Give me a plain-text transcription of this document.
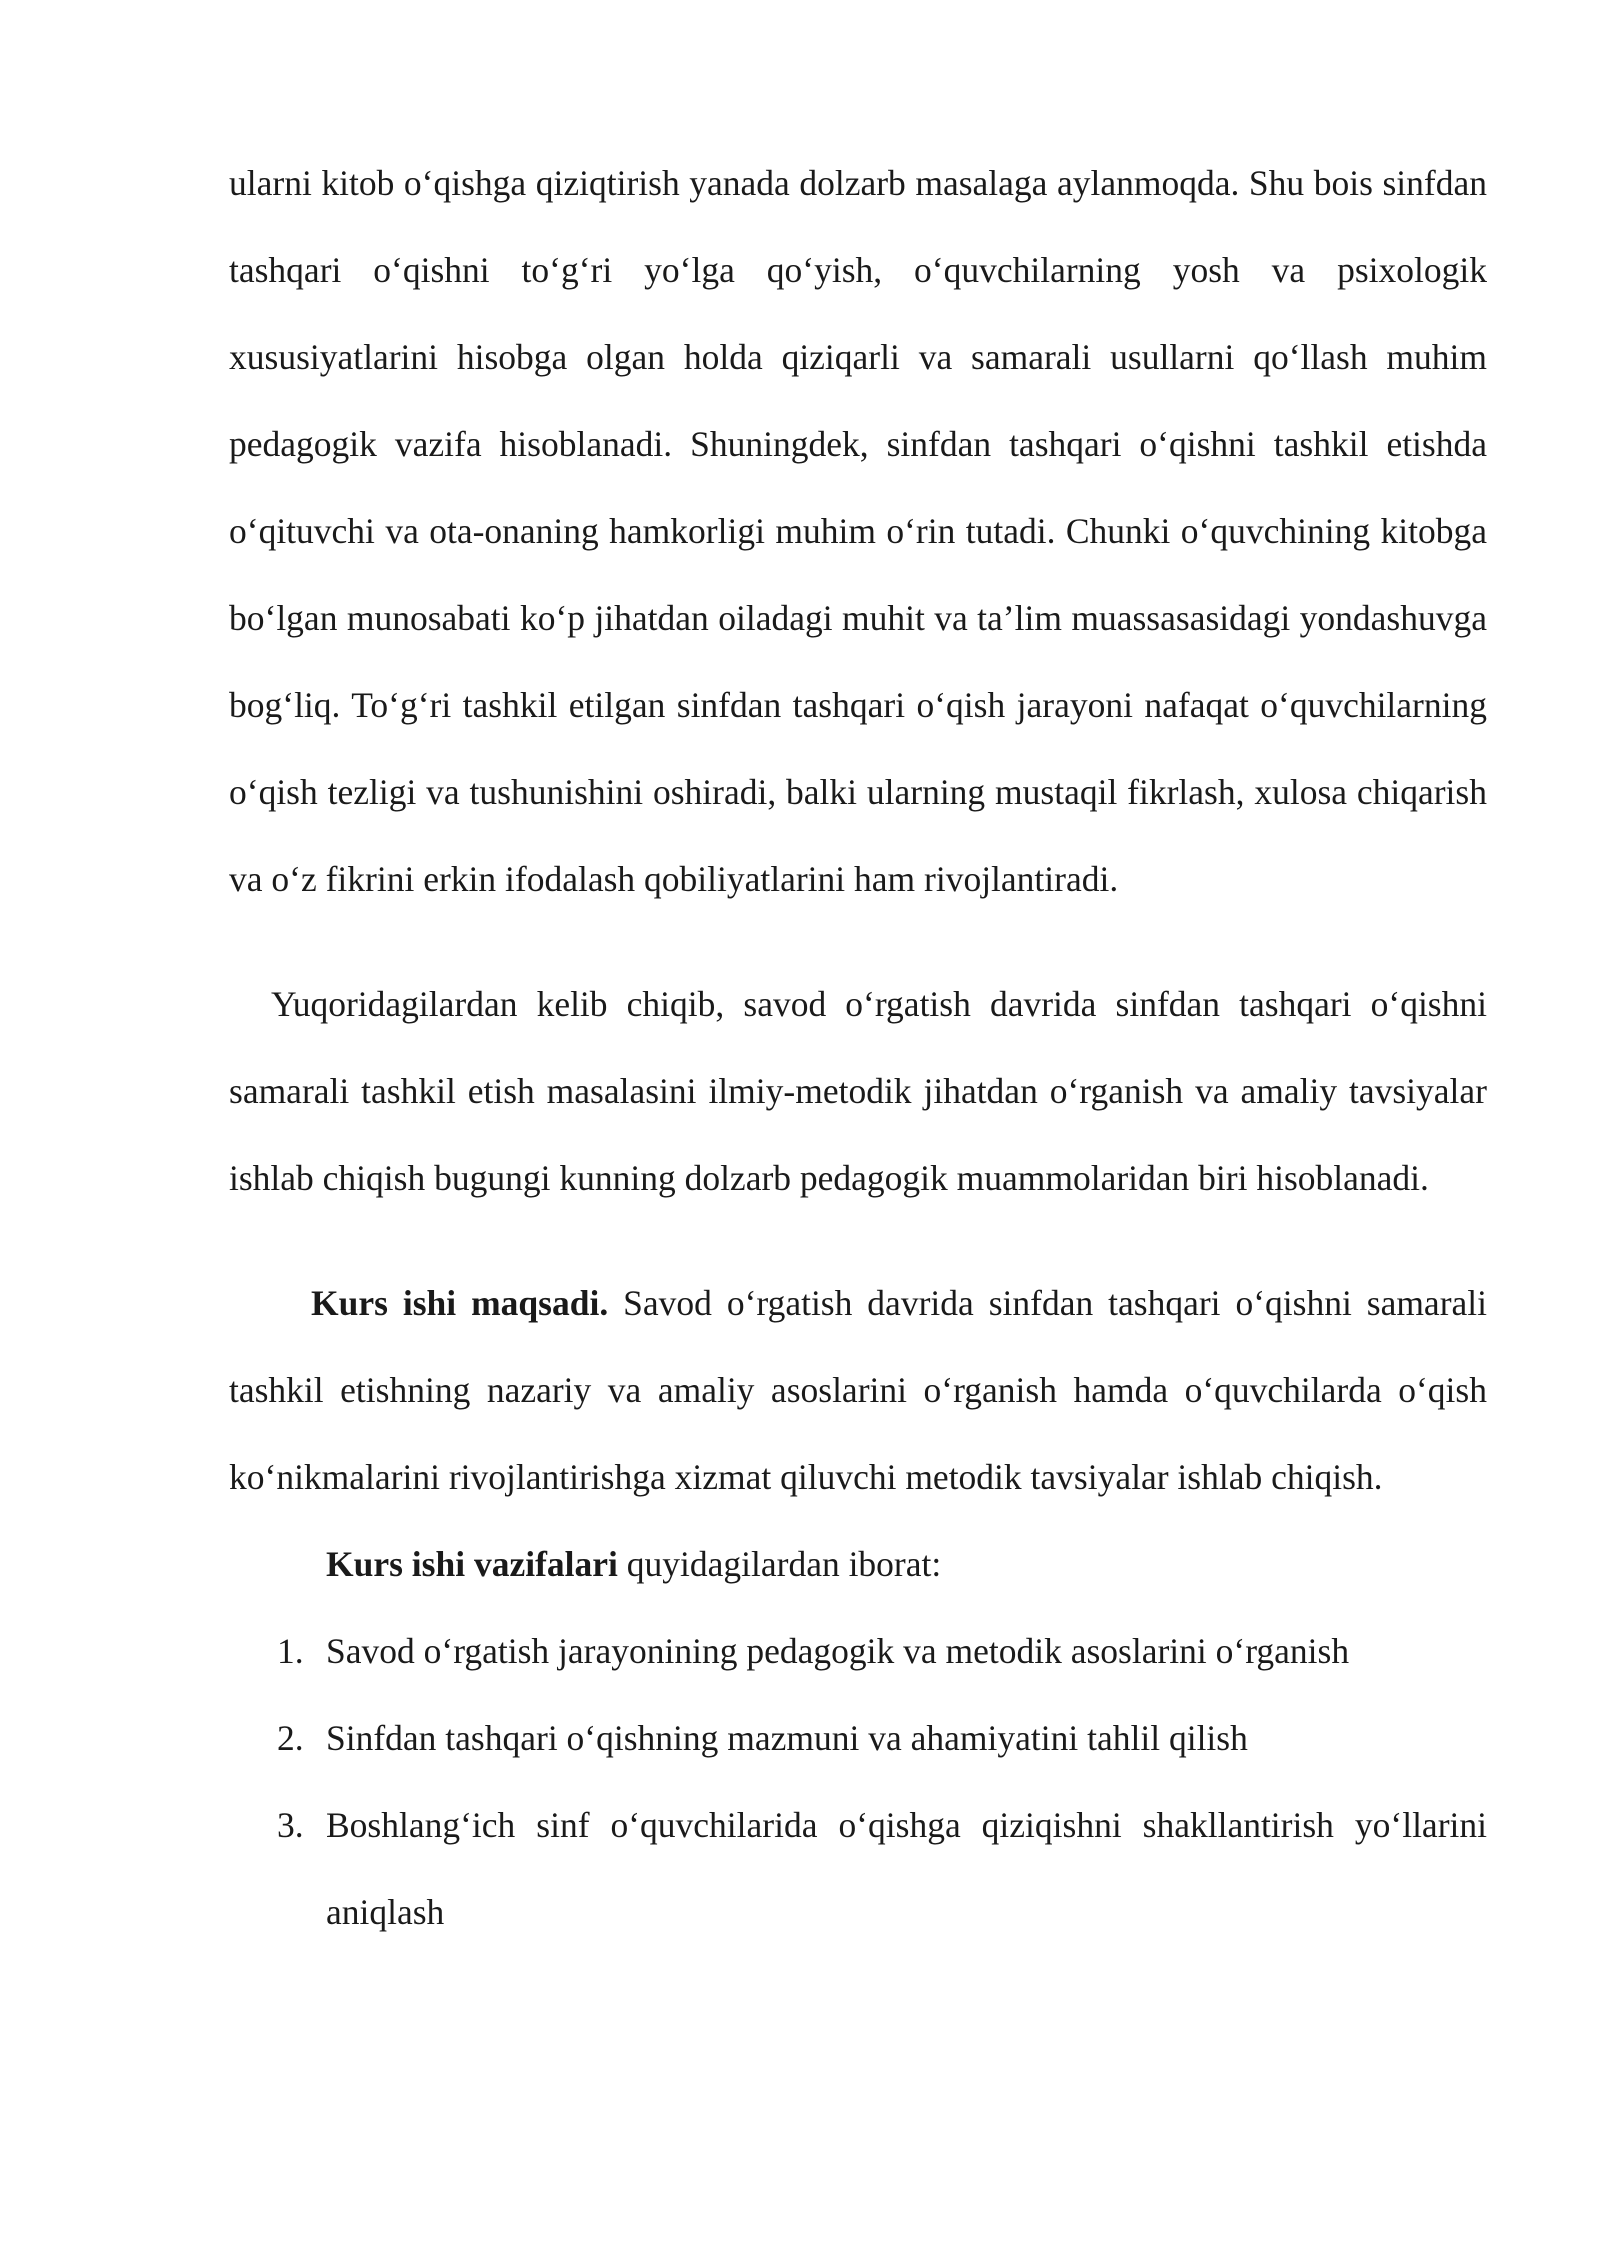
ularni kitob o‘qishga qiziqtirish yanada dolzarb masalaga aylanmoqda. Shu bois sinfdan tashqari o‘qishni to‘g‘ri yo‘lga qo‘yish, o‘quvchilarning yosh va psixologik xususiyatlarini hisobga olgan holda qiziqarli va samarali usullarni qo‘llash muhim pedagogik vazifa hisoblanadi. Shuningdek, sinfdan tashqari o‘qishni tashkil etishda o‘qituvchi va ota-onaning hamkorligi muhim o‘rin tutadi. Chunki o‘quvchining kitobga bo‘lgan munosabati ko‘p jihatdan oiladagi muhit va ta’lim muassasasidagi yondashuvga bog‘liq. To‘g‘ri tashkil etilgan sinfdan tashqari o‘qish jarayoni nafaqat o‘quvchilarning o‘qish tezligi va tushunishini oshiradi, balki ularning mustaqil fikrlash, xulosa chiqarish va o‘z fikrini erkin ifodalash qobiliyatlarini ham rivojlantiradi.

Yuqoridagilardan kelib chiqib, savod o‘rgatish davrida sinfdan tashqari o‘qishni samarali tashkil etish masalasini ilmiy-metodik jihatdan o‘rganish va amaliy tavsiyalar ishlab chiqish bugungi kunning dolzarb pedagogik muammolaridan biri hisoblanadi.

Kurs ishi maqsadi. Savod o‘rgatish davrida sinfdan tashqari o‘qishni samarali tashkil etishning nazariy va amaliy asoslarini o‘rganish hamda o‘quvchilarda o‘qish ko‘nikmalarini rivojlantirishga xizmat qiluvchi metodik tavsiyalar ishlab chiqish.

Kurs ishi vazifalari quyidagilardan iborat:

1. Savod o‘rgatish jarayonining pedagogik va metodik asoslarini o‘rganish
2. Sinfdan tashqari o‘qishning mazmuni va ahamiyatini tahlil qilish
3. Boshlang‘ich sinf o‘quvchilarida o‘qishga qiziqishni shakllantirish yo‘llarini aniqlash
